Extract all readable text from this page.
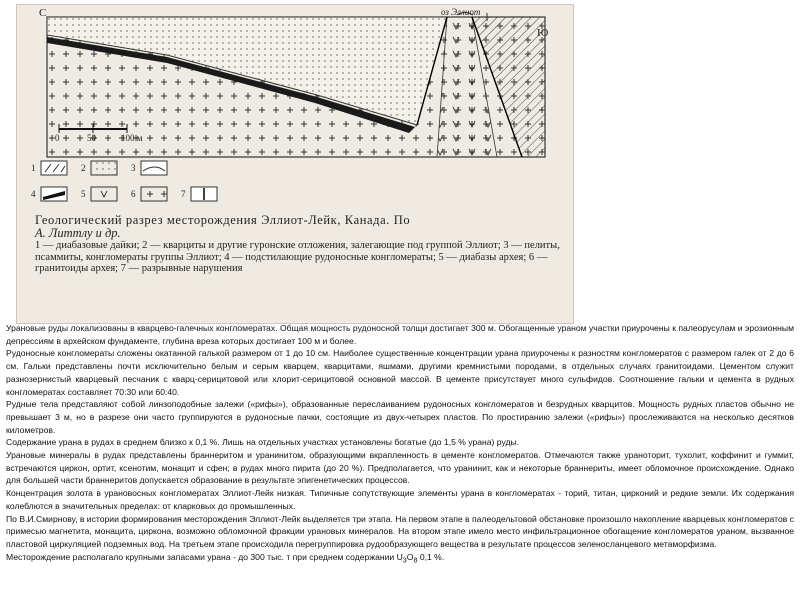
С
Ю
оз Эллиот
0	50	100 м
1	2	3
4	5	6	7
Геологический разрез месторождения Эллиот-Лейк, Канада. По
А. Литтлу и др.
1 — диабазовые дайки; 2 — кварциты и другие гуронские отложения, залегающие под группой Эллиот; 3 — пелиты, псаммиты, конгломераты группы Эллиот; 4 — подстилающие рудоносные конгломераты; 5 — диабазы архея; 6 — гранитоиды архея; 7 — разрывные нарушения

Урановые руды локализованы в кварцево-галечных конгломератах. Общая мощность рудоносной толщи достигает 300 м. Обогащенные ураном участки приурочены к палеорусулам и эрозионным депрессиям в архейском фундаменте, глубина вреза которых достигает 100 м и более.

Рудоносные конгломераты сложены окатанной галькой размером от 1 до 10 см. Наиболее существенные концентрации урана приурочены к разностям конгломератов с размером галек от 2 до 6 см. Гальки представлены почти исключительно белым и серым кварцем, кварцитами, яшмами, другими кремнистыми породами, в отдельных случаях гранитоидами. Цементом служит разнозернистый кварцевый песчаник с кварц-серицитовой или хлорит-серицитовой основной массой. В цементе присутствует много сульфидов. Соотношение гальки и цемента в рудных конгломератах составляет 70:30 или 60:40.

Рудные тела представляют собой линзоподобные залежи («рифы»), образованные переслаиванием рудоносных конгломератов и безрудных кварцитов. Мощность рудных пластов обычно не превышает 3 м, но в разрезе они часто группируются в рудоносные пачки, состоящие из двух-четырех пластов. По простиранию залежи («рифы») прослеживаются на несколько десятков километров.

Содержание урана в рудах в среднем близко к 0,1 %. Лишь на отдельных участках установлены богатые (до 1,5 % урана) руды.

Урановые минералы в рудах представлены браннеритом и уранинитом, образующими вкрапленность в цементе конгломератов. Отмечаются также ураноторит, тухолит, коффинит и гуммит, встречаются циркон, ортит, ксенотим, монацит и сфен; в рудах много пирита (до 20 %). Предполагается, что уранинит, как и некоторые браннериты, имеет обломочное происхождение. Однако для большей части браннеритов допускается образование в результате эпигенетических процессов.

Концентрация золота в урановосных конгломератах Эллиот-Лейк низкая. Типичные сопутствующие элементы урана в конгломератах - торий, титан, цирконий и редкие земли. Их содержания колеблются в значительных пределах: от кларковых до промышленных.

По В.И.Смирнову, в истории формирования месторождения Эллиот-Лейк выделяется три этапа. На первом этапе в палеодельтовой обстановке произошло накопление кварцевых конгломератов с примесью магнетита, монацита, циркона, возможно обломочной фракции урановых минералов. На втором этапе имело место инфильтрационное обогащение конгломератов ураном, вызванное пластовой циркуляцией подземных вод. На третьем этапе происходила перегруппировка рудообразующего вещества в результате процессов зеленосланцевого метаморфизма.

Месторождение располагало крупными запасами урана - до 300 тыс. т при среднем содержании $U_3O_8$ 0,1 %.
